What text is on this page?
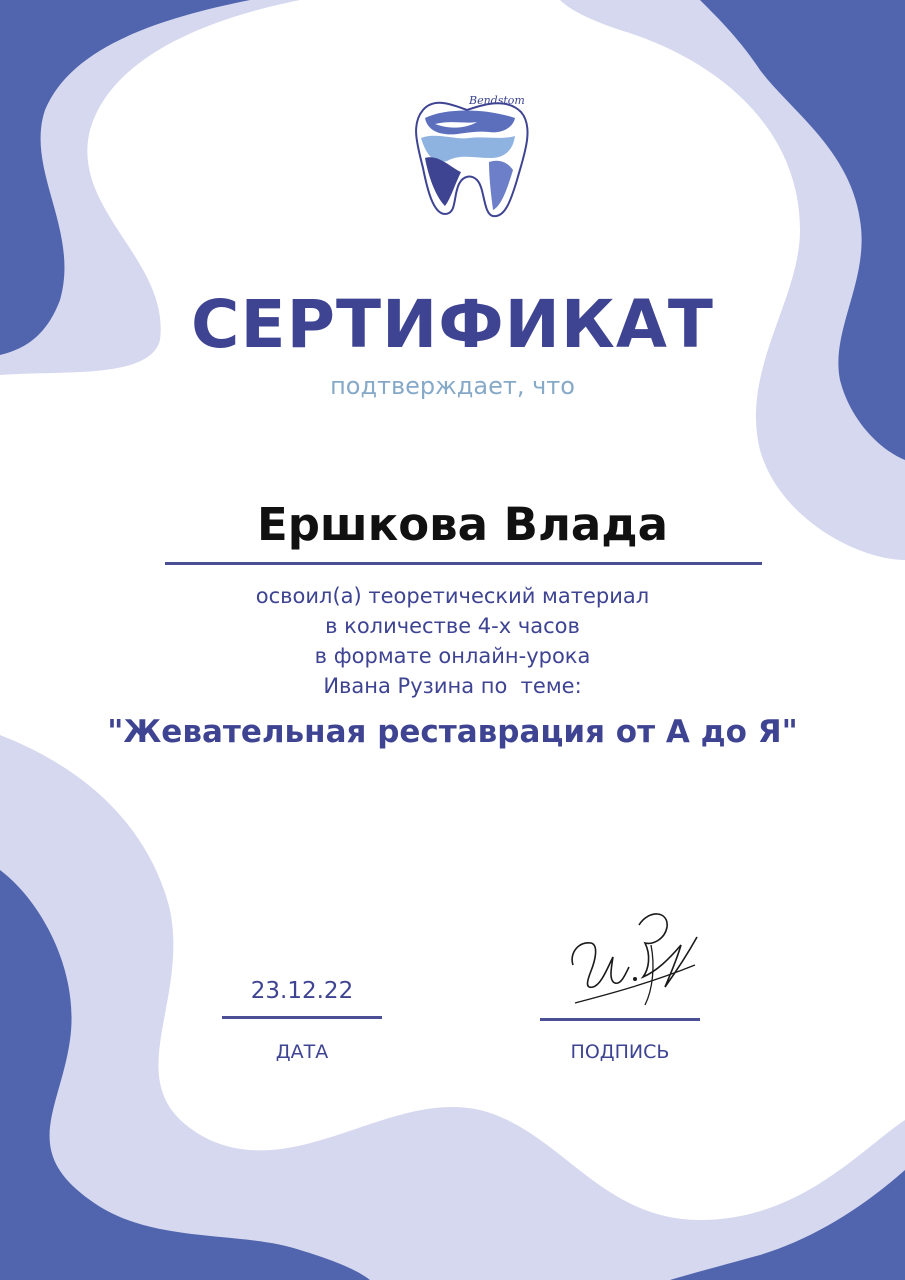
Bendstom
СЕРТИФИКАТ
подтверждает, что
Ершкова Влада
освоил(а) теоретический материал
в количестве 4-х часов
в формате онлайн-урока
Ивана Рузина по  теме:
"Жевательная реставрация от А до Я"
23.12.22
ДАТА	ПОДПИСЬ
